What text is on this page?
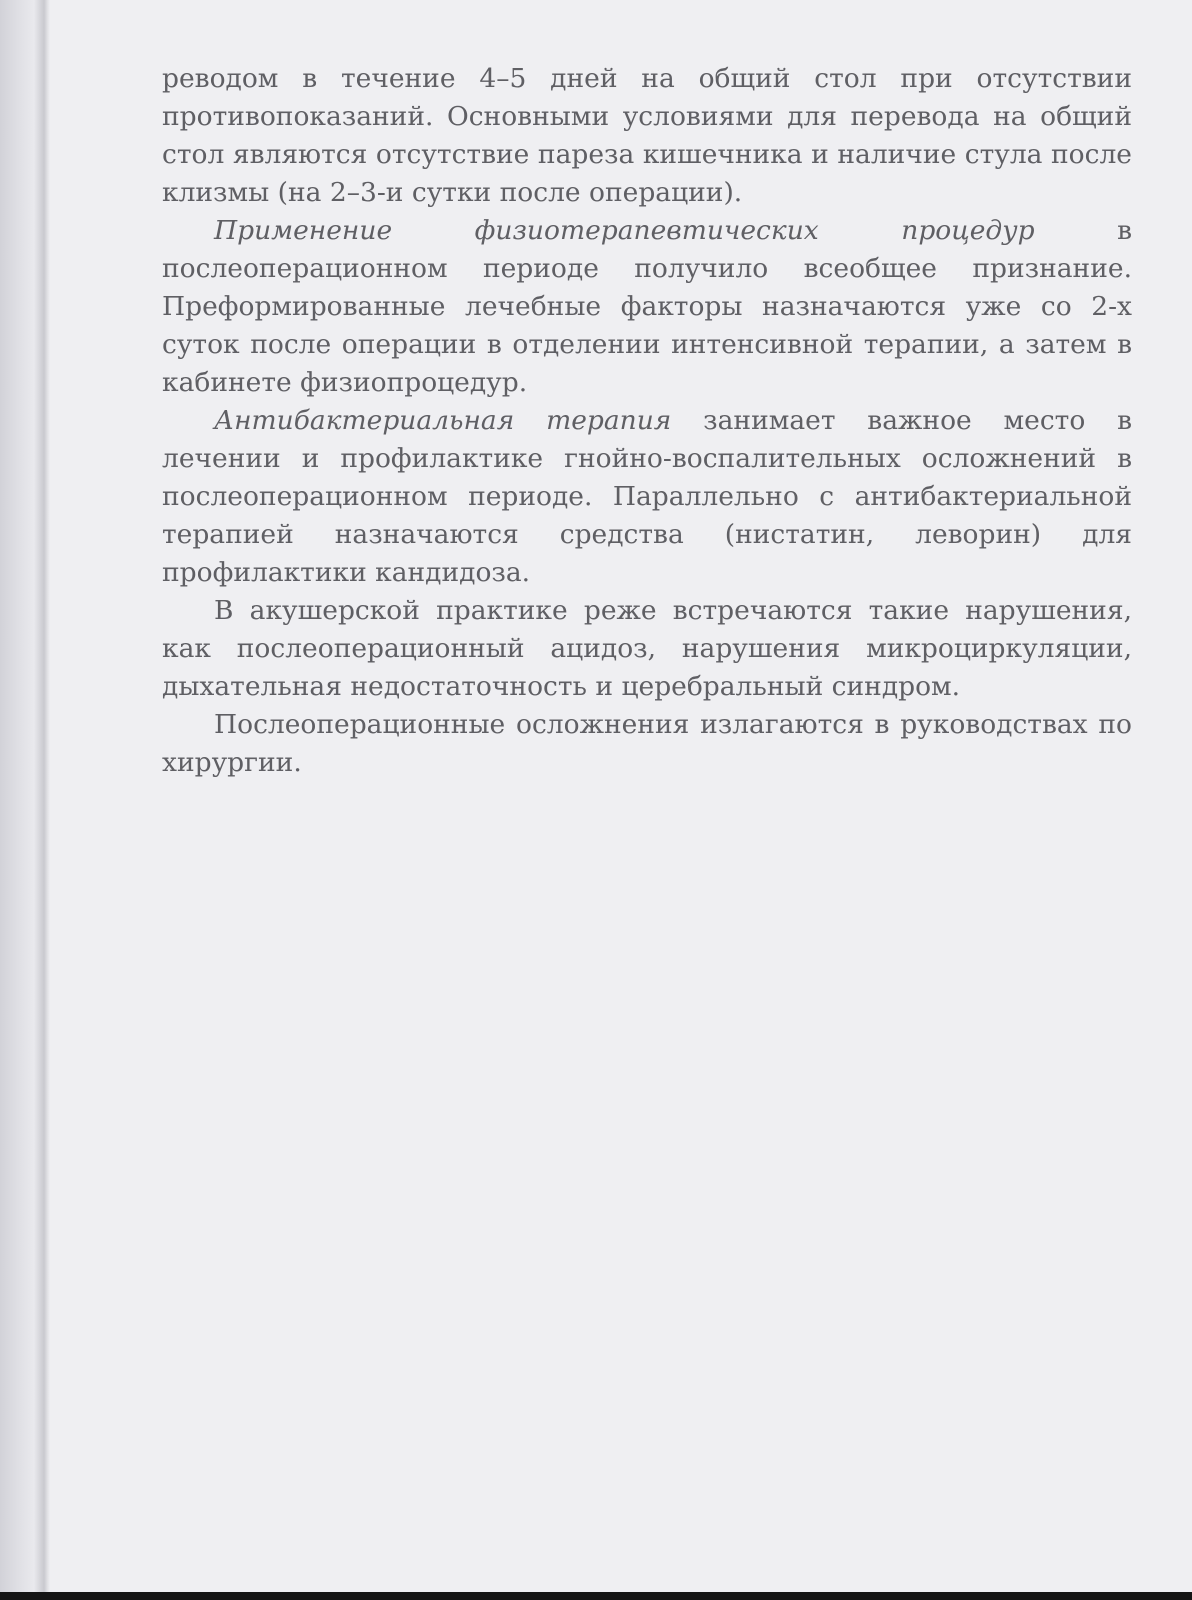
реводом в течение 4–5 дней на общий стол при отсутствии противопоказаний. Основными условиями для перевода на общий стол являются отсутствие пареза кишечника и наличие стула после клизмы (на 2–3-и сутки после операции).

Применение физиотерапевтических процедур в послеоперационном периоде получило всеобщее признание. Преформированные лечебные факторы назначаются уже со 2-х суток после операции в отделении интенсивной терапии, а затем в кабинете физиопроцедур.

Антибактериальная терапия занимает важное место в лечении и профилактике гнойно-воспалительных осложнений в послеоперационном периоде. Параллельно с антибактериальной терапией назначаются средства (нистатин, леворин) для профилактики кандидоза.

В акушерской практике реже встречаются такие нарушения, как послеоперационный ацидоз, нарушения микроциркуляции, дыхательная недостаточность и церебральный синдром.

Послеоперационные осложнения излагаются в руководствах по хирургии.
